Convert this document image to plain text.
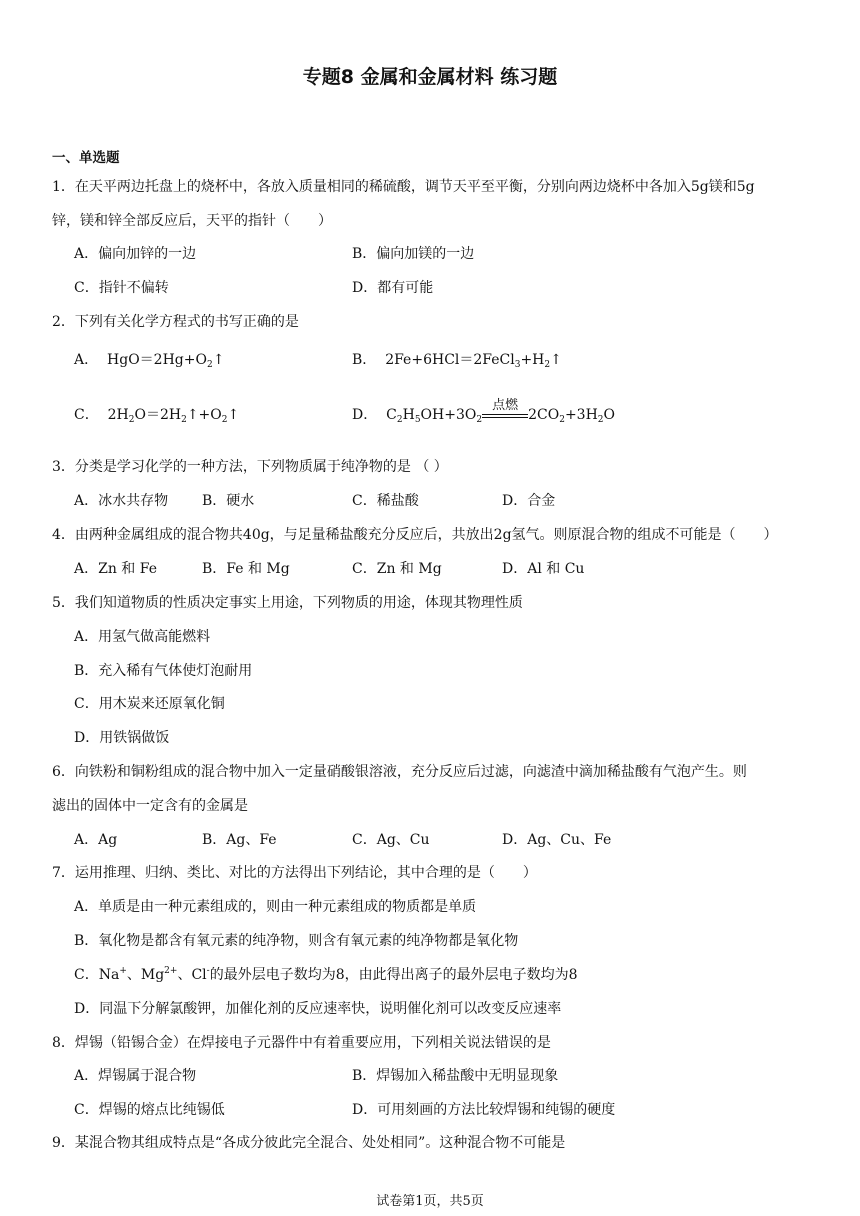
专题8 金属和金属材料 练习题
一、单选题
1．在天平两边托盘上的烧杯中，各放入质量相同的稀硫酸，调节天平至平衡，分别向两边烧杯中各加入5g镁和5g
锌，镁和锌全部反应后，天平的指针（　　）
A．偏向加锌的一边	B．偏向加镁的一边
C．指针不偏转	D．都有可能
2．下列有关化学方程式的书写正确的是
A．  $HgO=2Hg+O_2↑$	B．  $2Fe+6HCl=2FeCl_3+H_2↑$
C．  $2H_2O=2H_2↑+O_2↑$	D．  $C_2H_5OH+3O_2$
点燃
$2CO_2+3H_2O$
3．分类是学习化学的一种方法，下列物质属于纯净物的是 （ ）
A．冰水共存物 B．硬水	C．稀盐酸	D．合金
4．由两种金属组成的混合物共40g，与足量稀盐酸充分反应后，共放出2g氢气。则原混合物的组成不可能是（　　）
A．Zn 和 Fe	B．Fe 和 Mg	C．Zn 和 Mg	D．Al 和 Cu
5．我们知道物质的性质决定事实上用途，下列物质的用途，体现其物理性质
A．用氢气做高能燃料
B．充入稀有气体使灯泡耐用
C．用木炭来还原氧化铜
D．用铁锅做饭
6．向铁粉和铜粉组成的混合物中加入一定量硝酸银溶液，充分反应后过滤，向滤渣中滴加稀盐酸有气泡产生。则
滤出的固体中一定含有的金属是
A．Ag	B．Ag、Fe	C．Ag、Cu	D．Ag、Cu、Fe
7．运用推理、归纳、类比、对比的方法得出下列结论，其中合理的是（　　）
A．单质是由一种元素组成的，则由一种元素组成的物质都是单质
B．氧化物是都含有氧元素的纯净物，则含有氧元素的纯净物都是氧化物
C．Na+、$Mg^{2+}$、Cl-的最外层电子数均为8，由此得出离子的最外层电子数均为8
D．同温下分解氯酸钾，加催化剂的反应速率快，说明催化剂可以改变反应速率
8．焊锡（铅锡合金）在焊接电子元器件中有着重要应用，下列相关说法错误的是
A．焊锡属于混合物	B．焊锡加入稀盐酸中无明显现象
C．焊锡的熔点比纯锡低	D．可用刻画的方法比较焊锡和纯锡的硬度
9．某混合物其组成特点是“各成分彼此完全混合、处处相同”。这种混合物不可能是
试卷第1页，共5页
